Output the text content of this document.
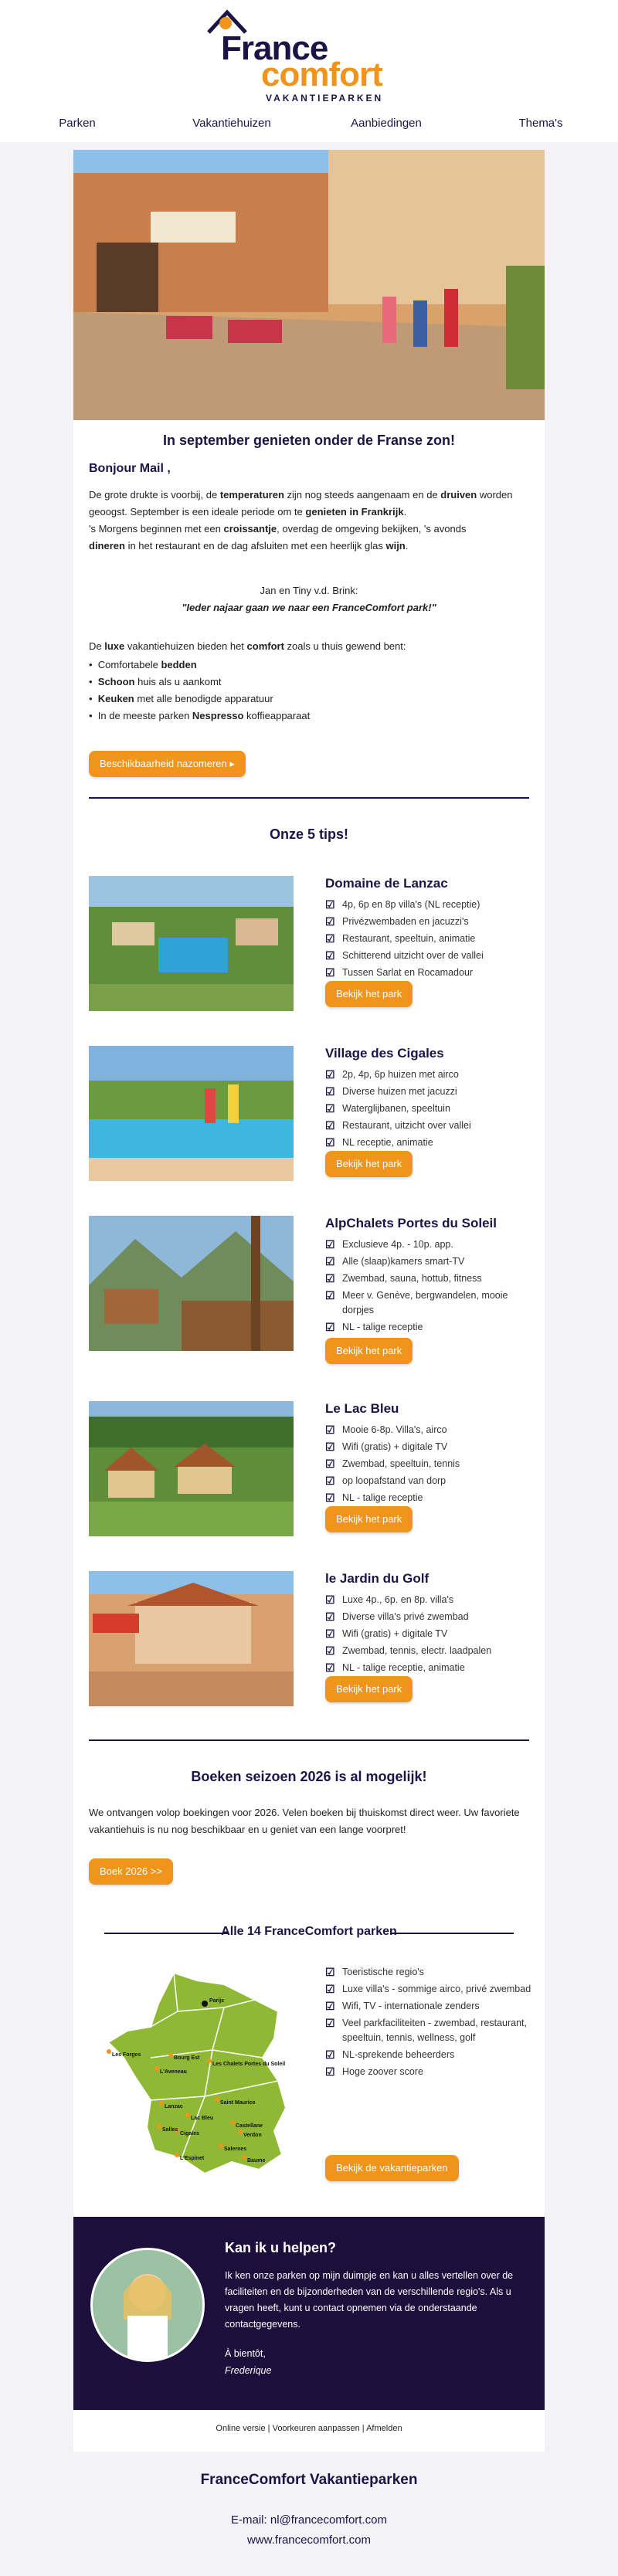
France
comfort
VAKANTIEPARKEN
Parken	Vakantiehuizen	Aanbiedingen	Thema's
In september genieten onder de Franse zon!
Bonjour Mail ,
De grote drukte is voorbij, de temperaturen zijn nog steeds aangenaam en de druiven worden geoogst. September is een ideale periode om te genieten in Frankrijk.
's Morgens beginnen met een croissantje, overdag de omgeving bekijken, 's avonds
dineren in het restaurant en de dag afsluiten met een heerlijk glas wijn.
Jan en Tiny v.d. Brink:
"Ieder najaar gaan we naar een FranceComfort park!"
De luxe vakantiehuizen bieden het comfort zoals u thuis gewend bent:
•  Comfortabele bedden
•  Schoon huis als u aankomt
•  Keuken met alle benodigde apparatuur
•  In de meeste parken Nespresso koffieapparaat
Beschikbaarheid nazomeren ▸
Onze 5 tips!
Domaine de Lanzac
☑ 4p, 6p en 8p villa's (NL receptie)
☑ Privézwembaden en jacuzzi's
☑ Restaurant, speeltuin, animatie
☑ Schitterend uitzicht over de vallei
☑ Tussen Sarlat en Rocamadour
Bekijk het park
Village des Cigales
☑ 2p, 4p, 6p huizen met airco
☑ Diverse huizen met jacuzzi
☑ Waterglijbanen, speeltuin
☑ Restaurant, uitzicht over vallei
☑ NL receptie, animatie
Bekijk het park
AlpChalets Portes du Soleil
☑ Exclusieve 4p. - 10p. app.
☑ Alle (slaap)kamers smart-TV
☑ Zwembad, sauna, hottub, fitness
☑ Meer v. Genève, bergwandelen, mooie dorpjes
☑ NL - talige receptie
Bekijk het park
Le Lac Bleu
☑ Mooie 6-8p. Villa's, airco
☑ Wifi (gratis) + digitale TV
☑ Zwembad, speeltuin, tennis
☑ op loopafstand van dorp
☑ NL - talige receptie
Bekijk het park
le Jardin du Golf
☑ Luxe 4p., 6p. en 8p. villa's
☑ Diverse villa's privé zwembad
☑ Wifi (gratis) + digitale TV
☑ Zwembad, tennis, electr. laadpalen
☑ NL - talige receptie, animatie
Bekijk het park
Boeken seizoen 2026 is al mogelijk!
We ontvangen volop boekingen voor 2026. Velen boeken bij thuiskomst direct weer. Uw favoriete vakantiehuis is nu nog beschikbaar en u geniet van een lange voorpret!
Boek 2026 >>
Alle 14 FranceComfort parken
Parijs
Les Forges
Bourg Est
Les Chalets Portes du Soleil
L'Aveneau
Lanzac
Lac Bleu
Saint Maurice
Castellane
Salles
Cigales	Verdon
Salernes
L'Espinet	Baume
☑ Toeristische regio's
☑ Luxe villa's - sommige airco, privé zwembad
☑ Wifi, TV - internationale zenders
☑ Veel parkfaciliteiten - zwembad, restaurant, speeltuin, tennis, wellness, golf
☑ NL-sprekende beheerders
☑ Hoge zoover score
Bekijk de vakantieparken
Kan ik u helpen?
Ik ken onze parken op mijn duimpje en kan u alles vertellen over de faciliteiten en de bijzonderheden van de verschillende regio's. Als u vragen heeft, kunt u contact opnemen via de onderstaande contactgegevens.
À bientôt,
Frederique
Online versie | Voorkeuren aanpassen | Afmelden
FranceComfort Vakantieparken
E-mail: nl@francecomfort.com
www.francecomfort.com
